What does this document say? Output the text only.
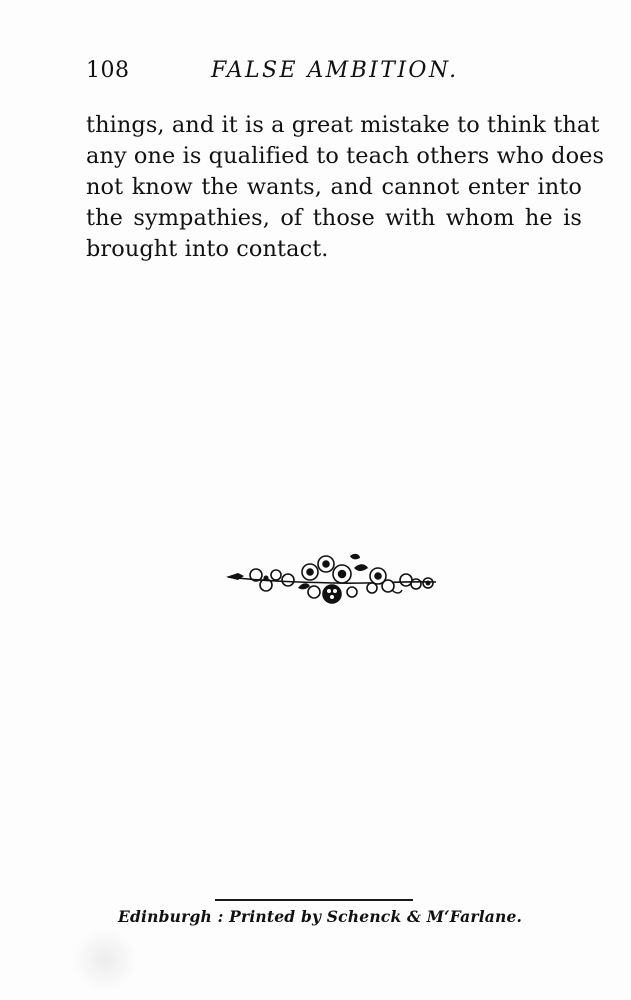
108	FALSE AMBITION.
things, and it is a great mistake to think that
any one is qualified to teach others who does
not know the wants, and cannot enter into
the sympathies, of those with whom he is
brought into contact.
Edinburgh : Printed by Schenck & M‘Farlane.
